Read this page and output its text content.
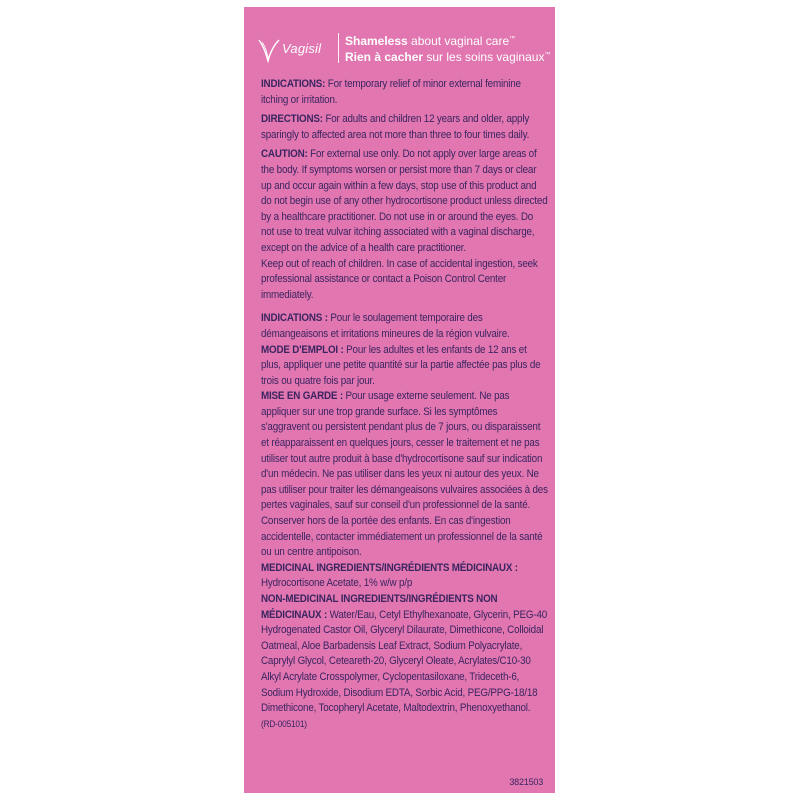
Vagisil Shameless about vaginal care™
Rien à cacher sur les soins vaginaux™

INDICATIONS: For temporary relief of minor external feminine itching or irritation.

DIRECTIONS: For adults and children 12 years and older, apply sparingly to affected area not more than three to four times daily.

CAUTION: For external use only. Do not apply over large areas of the body. If symptoms worsen or persist more than 7 days or clear up and occur again within a few days, stop use of this product and do not begin use of any other hydrocortisone product unless directed by a healthcare practitioner. Do not use in or around the eyes. Do not use to treat vulvar itching associated with a vaginal discharge, except on the advice of a health care practitioner.

Keep out of reach of children. In case of accidental ingestion, seek professional assistance or contact a Poison Control Center immediately.

INDICATIONS : Pour le soulagement temporaire des démangeaisons et irritations mineures de la région vulvaire.

MODE D'EMPLOI : Pour les adultes et les enfants de 12 ans et plus, appliquer une petite quantité sur la partie affectée pas plus de trois ou quatre fois par jour.

MISE EN GARDE : Pour usage externe seulement. Ne pas appliquer sur une trop grande surface. Si les symptômes s'aggravent ou persistent pendant plus de 7 jours, ou disparaissent et réapparaissent en quelques jours, cesser le traitement et ne pas utiliser tout autre produit à base d'hydrocortisone sauf sur indication d'un médecin. Ne pas utiliser dans les yeux ni autour des yeux. Ne pas utiliser pour traiter les démangeaisons vulvaires associées à des pertes vaginales, sauf sur conseil d'un professionnel de la santé. Conserver hors de la portée des enfants. En cas d'ingestion accidentelle, contacter immédiatement un professionnel de la santé ou un centre antipoison.

MEDICINAL INGREDIENTS/INGRÉDIENTS MÉDICINAUX :

Hydrocortisone Acetate, 1% w/w p/p

NON-MEDICINAL INGREDIENTS/INGRÉDIENTS NON MÉDICINAUX : Water/Eau, Cetyl Ethylhexanoate, Glycerin, PEG-40 Hydrogenated Castor Oil, Glyceryl Dilaurate, Dimethicone, Colloidal Oatmeal, Aloe Barbadensis Leaf Extract, Sodium Polyacrylate, Caprylyl Glycol, Ceteareth-20, Glyceryl Oleate, Acrylates/C10-30 Alkyl Acrylate Crosspolymer, Cyclopentasiloxane, Trideceth-6, Sodium Hydroxide, Disodium EDTA, Sorbic Acid, PEG/PPG-18/18 Dimethicone, Tocopheryl Acetate, Maltodextrin, Phenoxyethanol. (RD-005101)

3821503
